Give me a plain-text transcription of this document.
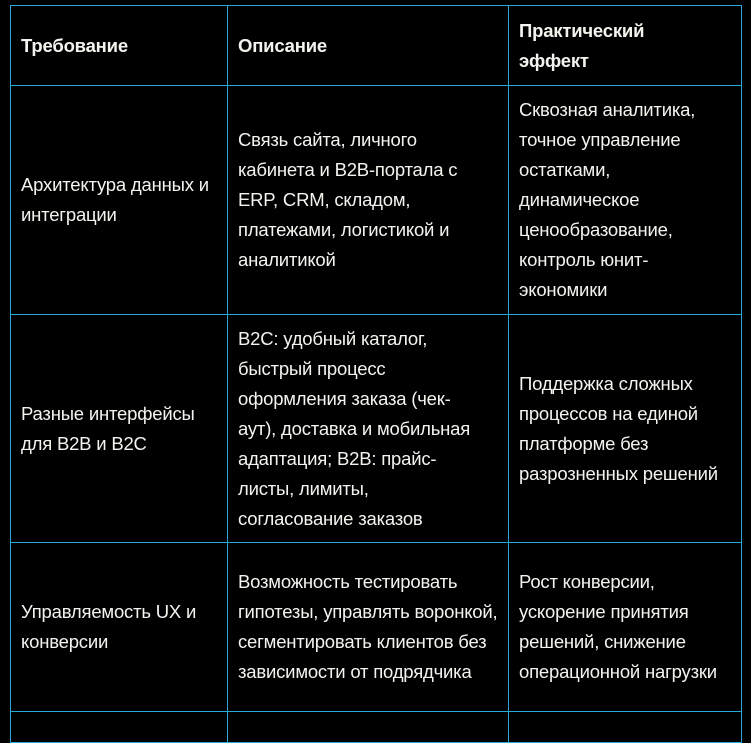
Требование	Описание	Практический эффект
Архитектура данных и интеграции	Связь сайта, личного кабинета и B2B-портала с ERP, CRM, складом, платежами, логистикой и аналитикой	Сквозная аналитика, точное управление остатками, динамическое ценообразование, контроль юнит-экономики
Разные интерфейсы для B2B и B2C	B2C: удобный каталог, быстрый процесс оформления заказа (чек-аут), доставка и мобильная адаптация; B2B: прайс-листы, лимиты, согласование заказов	Поддержка сложных процессов на единой платформе без разрозненных решений
Управляемость UX и конверсии	Возможность тестировать гипотезы, управлять воронкой, сегментировать клиентов без зависимости от подрядчика	Рост конверсии, ускорение принятия решений, снижение операционной нагрузки
